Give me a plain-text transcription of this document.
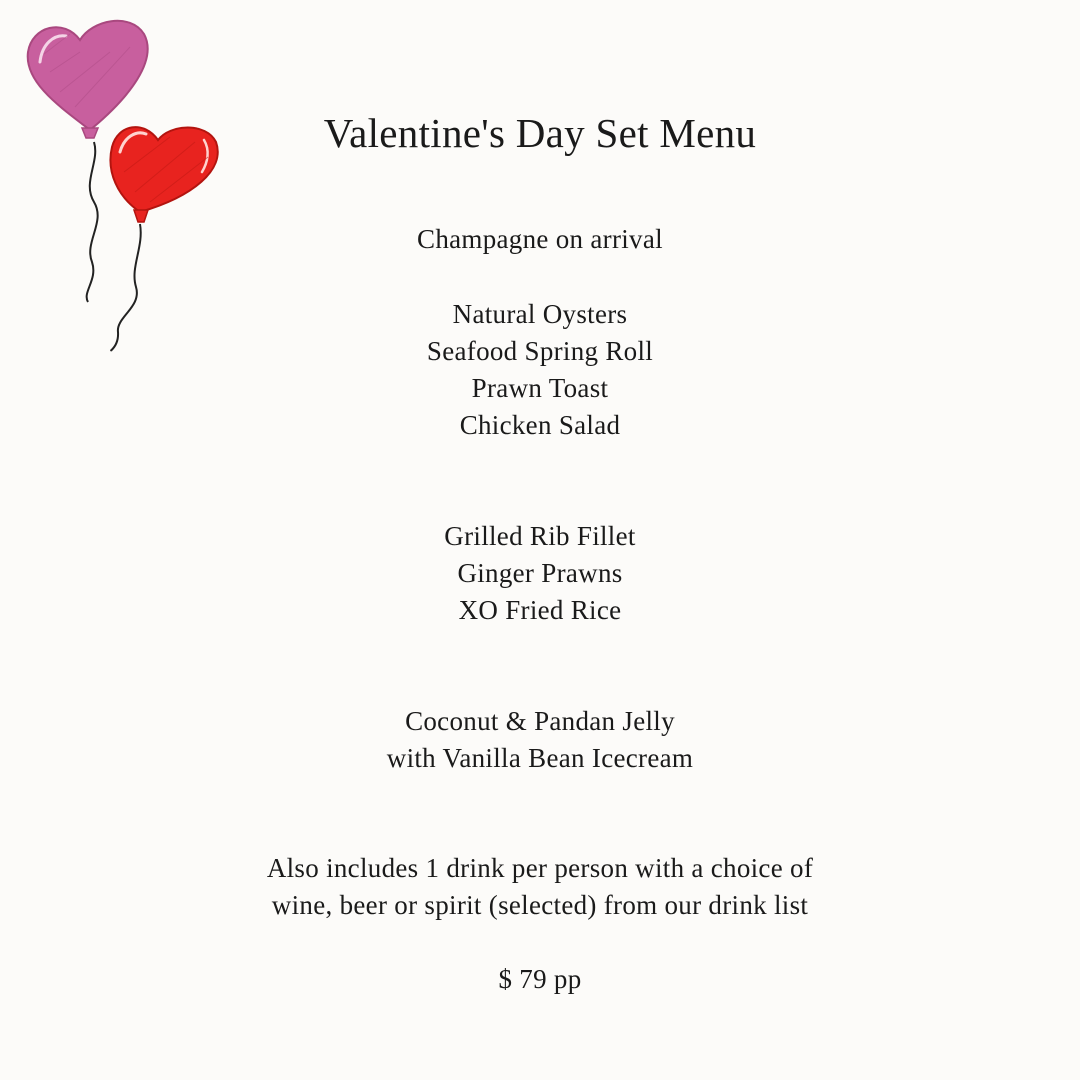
Valentine's Day Set Menu
Champagne on arrival
Natural Oysters
Seafood Spring Roll
Prawn Toast
Chicken Salad
Grilled Rib Fillet
Ginger Prawns
XO Fried Rice
Coconut & Pandan Jelly
with Vanilla Bean Icecream
Also includes 1 drink per person with a choice of
wine, beer or spirit (selected) from our drink list
$ 79 pp
